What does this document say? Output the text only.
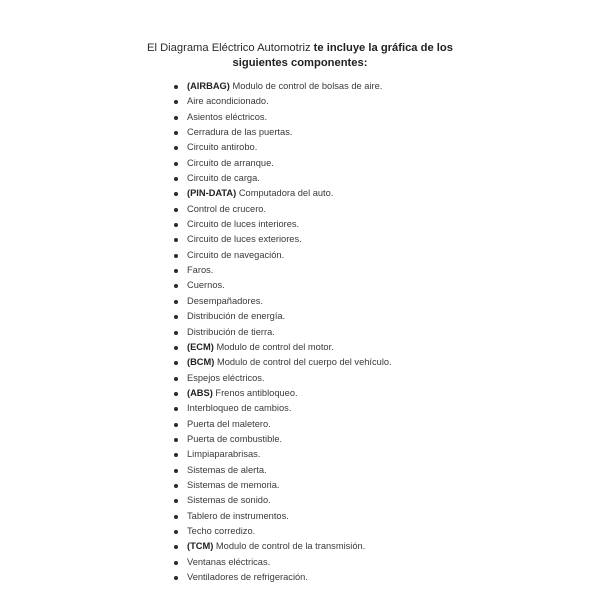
El Diagrama Eléctrico Automotriz te incluye la gráfica de los siguientes componentes:
(AIRBAG) Modulo de control de bolsas de aire.
Aire acondicionado.
Asientos eléctricos.
Cerradura de las puertas.
Circuito antirobo.
Circuito de arranque.
Circuito de carga.
(PIN-DATA) Computadora del auto.
Control de crucero.
Circuito de luces interiores.
Circuito de luces exteriores.
Circuito de navegación.
Faros.
Cuernos.
Desempañadores.
Distribución de energía.
Distribución de tierra.
(ECM) Modulo de control del motor.
(BCM) Modulo de control del cuerpo del vehículo.
Espejos eléctricos.
(ABS) Frenos antibloqueo.
Interbloqueo de cambios.
Puerta del maletero.
Puerta de combustible.
Limpiaparabrisas.
Sistemas de alerta.
Sistemas de memoria.
Sistemas de sonido.
Tablero de instrumentos.
Techo corredizo.
(TCM) Modulo de control de la transmisión.
Ventanas eléctricas.
Ventiladores de refrigeración.
